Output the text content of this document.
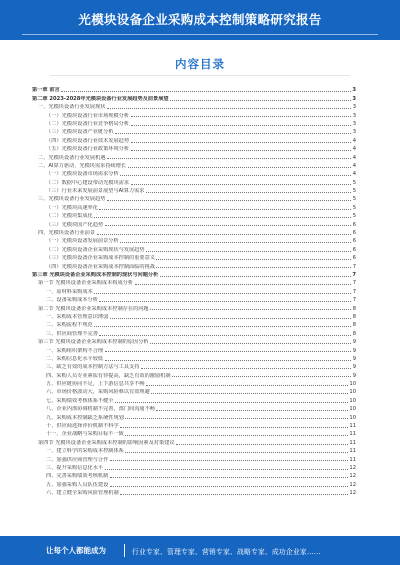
光模块设备企业采购成本控制策略研究报告
内容目录
第一章 前言	3
第二章 2023-2028年光模块设备行业发展趋势及前景展望	3
一、光模块设备行业发展现状	3
（一）光模块设备行业市场规模分析	3
（二）光模块设备行业竞争格局分析	3
（三）光模块设备产业链分析	3
（四）光模块设备行业技术发展趋势	4
（五）光模块设备行业政策环境分析	4
二、光模块设备行业发展机遇	4
二、AI算力驱动，光模块需求持续增长	4
（一）光模块设备市场需求分析	4
（二）数据中心建设带动光模块需求	5
（三）行业未来发展前景展望与AI算力需求	5
三、光模块设备行业发展趋势	5
（一）光模块高速率化	5
（二）光模块集成化	5
（三）光模块国产化趋势	6
四、光模块设备行业前景	6
（一）光模块设备发展前景分析	6
（二）光模块设备企业采购现状与发展趋势	6
（三）光模块设备企业采购成本控制的重要意义	6
（四）光模块设备企业采购成本控制面临的挑战	7
第三章 光模块设备企业采购成本控制的现状与问题分析	7
第一节 光模块设备企业采购成本构成分析	7
一、原材料采购成本	7
二、设备采购成本分析	7
第二节 光模块设备企业采购成本控制存在的问题	8
一、采购成本管理意识薄弱	8
二、采购流程不规范	8
三、供应商管理不完善	8
第三节 光模块设备企业采购成本控制的原因分析	9
一、采购组织架构不合理	9
二、采购信息化水平较低	9
三、缺乏有效的成本控制方法与工具支持	9
四、采购人员专业素质有待提高，缺乏有效的激励机制	9
五、供应链协同不足，上下游信息共享不畅	10
六、市场价格波动大，采购风险难以有效规避	10
七、采购绩效考核体系不健全	10
八、企业内部协调机制不完善，部门间沟通不畅	10
九、采购成本控制缺乏系统性规划	10
十、供应商选择评价机制不科学	11
十一、企业战略与采购目标不一致	11
第四节 光模块设备企业采购成本控制的影响因素及对策建议	11
一、建立科学的采购成本控制体系	11
二、加强供应商管理与合作	11
三、提升采购信息化水平	12
四、完善采购绩效考核机制	12
五、加强采购人员队伍建设	12
六、建立健全采购风险管理机制	12
让每个人都能成为	行业专家、管理专家、营销专家、战略专家、成功企业家……
